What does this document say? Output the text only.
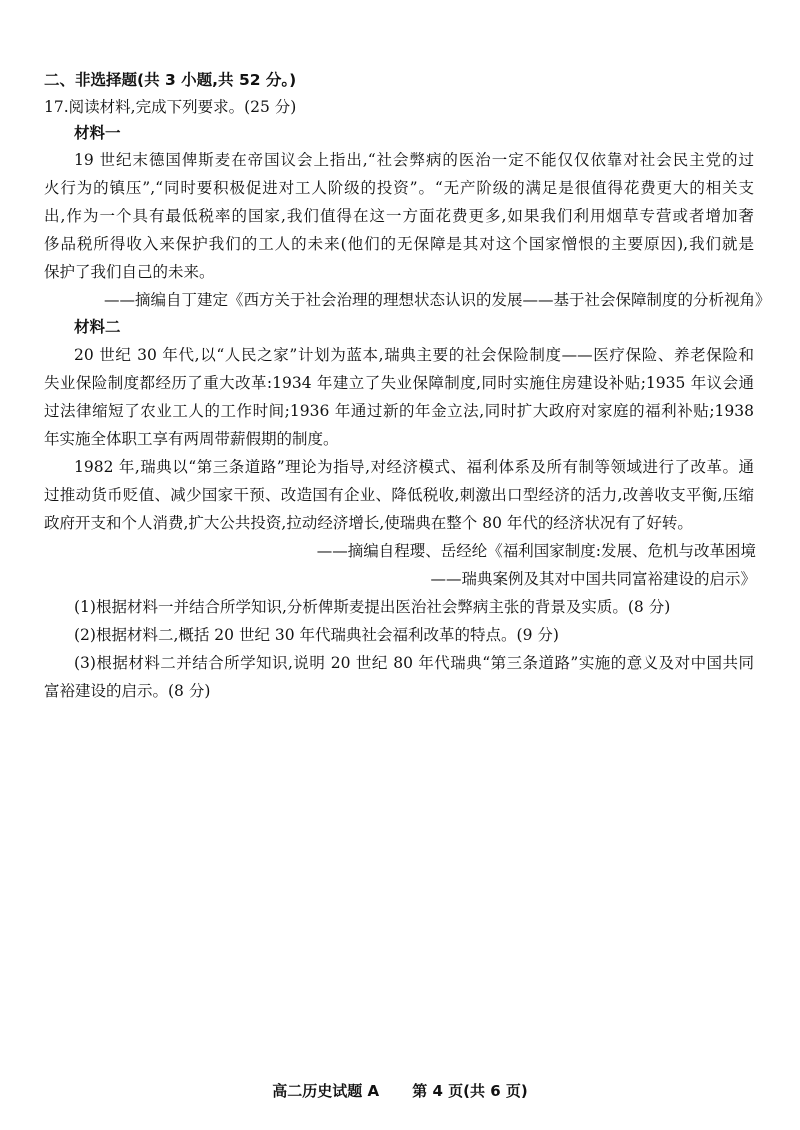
二、非选择题(共 3 小题,共 52 分。)
17.阅读材料,完成下列要求。(25 分)
材料一
19 世纪末德国俾斯麦在帝国议会上指出,“社会弊病的医治一定不能仅仅依靠对社会民主党的过
火行为的镇压”,“同时要积极促进对工人阶级的投资”。“无产阶级的满足是很值得花费更大的相关支
出,作为一个具有最低税率的国家,我们值得在这一方面花费更多,如果我们利用烟草专营或者增加奢
侈品税所得收入来保护我们的工人的未来(他们的无保障是其对这个国家憎恨的主要原因),我们就是
保护了我们自己的未来。
——摘编自丁建定《西方关于社会治理的理想状态认识的发展——基于社会保障制度的分析视角》
材料二
20 世纪 30 年代,以“人民之家”计划为蓝本,瑞典主要的社会保险制度——医疗保险、养老保险和
失业保险制度都经历了重大改革:1934 年建立了失业保障制度,同时实施住房建设补贴;1935 年议会通
过法律缩短了农业工人的工作时间;1936 年通过新的年金立法,同时扩大政府对家庭的福利补贴;1938
年实施全体职工享有两周带薪假期的制度。
1982 年,瑞典以“第三条道路”理论为指导,对经济模式、福利体系及所有制等领域进行了改革。通
过推动货币贬值、减少国家干预、改造国有企业、降低税收,刺激出口型经济的活力,改善收支平衡,压缩
政府开支和个人消费,扩大公共投资,拉动经济增长,使瑞典在整个 80 年代的经济状况有了好转。
——摘编自程璎、岳经纶《福利国家制度:发展、危机与改革困境
——瑞典案例及其对中国共同富裕建设的启示》
(1)根据材料一并结合所学知识,分析俾斯麦提出医治社会弊病主张的背景及实质。(8 分)
(2)根据材料二,概括 20 世纪 30 年代瑞典社会福利改革的特点。(9 分)
(3)根据材料二并结合所学知识,说明 20 世纪 80 年代瑞典“第三条道路”实施的意义及对中国共同
富裕建设的启示。(8 分)
高二历史试题 A 第 4 页(共 6 页)
